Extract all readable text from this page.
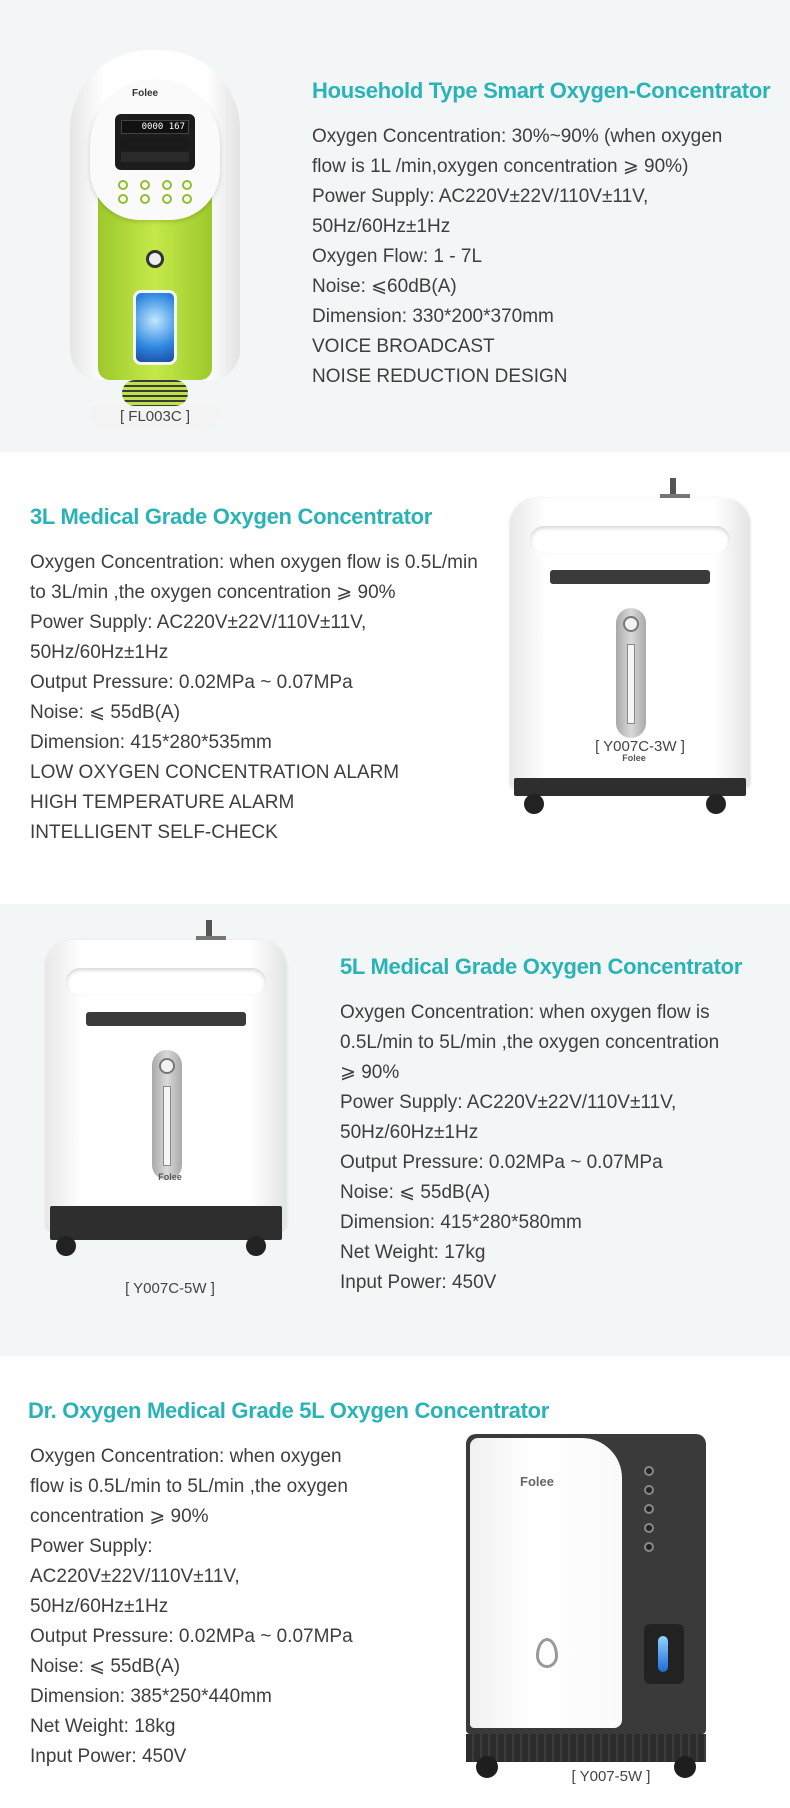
Folee
0000 167
[ FL003C ]
Household Type Smart Oxygen-Concentrator
Oxygen Concentration: 30%~90% (when oxygen
flow is 1L /min,oxygen concentration ⩾ 90%)
Power Supply: AC220V±22V/110V±11V,
50Hz/60Hz±1Hz
Oxygen Flow: 1 - 7L
Noise: ⩽60dB(A)
Dimension: 330*200*370mm
VOICE BROADCAST
NOISE REDUCTION DESIGN
3L Medical Grade Oxygen Concentrator
Oxygen Concentration: when oxygen flow is 0.5L/min
to 3L/min ,the oxygen concentration ⩾ 90%
Power Supply: AC220V±22V/110V±11V,
50Hz/60Hz±1Hz
Output Pressure: 0.02MPa ~ 0.07MPa
Noise: ⩽ 55dB(A)
Dimension: 415*280*535mm
LOW OXYGEN CONCENTRATION ALARM
HIGH TEMPERATURE ALARM
INTELLIGENT SELF-CHECK
Folee
[ Y007C-3W ]
Folee
[ Y007C-5W ]
5L Medical Grade Oxygen Concentrator
Oxygen Concentration: when oxygen flow is
0.5L/min to 5L/min ,the oxygen concentration
⩾ 90%
Power Supply: AC220V±22V/110V±11V,
50Hz/60Hz±1Hz
Output Pressure: 0.02MPa ~ 0.07MPa
Noise: ⩽ 55dB(A)
Dimension: 415*280*580mm
Net Weight: 17kg
Input Power: 450V
Dr. Oxygen Medical Grade 5L Oxygen Concentrator
Oxygen Concentration: when oxygen
flow is 0.5L/min to 5L/min ,the oxygen
concentration ⩾ 90%
Power Supply:
AC220V±22V/110V±11V,
50Hz/60Hz±1Hz
Output Pressure: 0.02MPa ~ 0.07MPa
Noise: ⩽ 55dB(A)
Dimension: 385*250*440mm
Net Weight: 18kg
Input Power: 450V
Folee
[ Y007-5W ]
